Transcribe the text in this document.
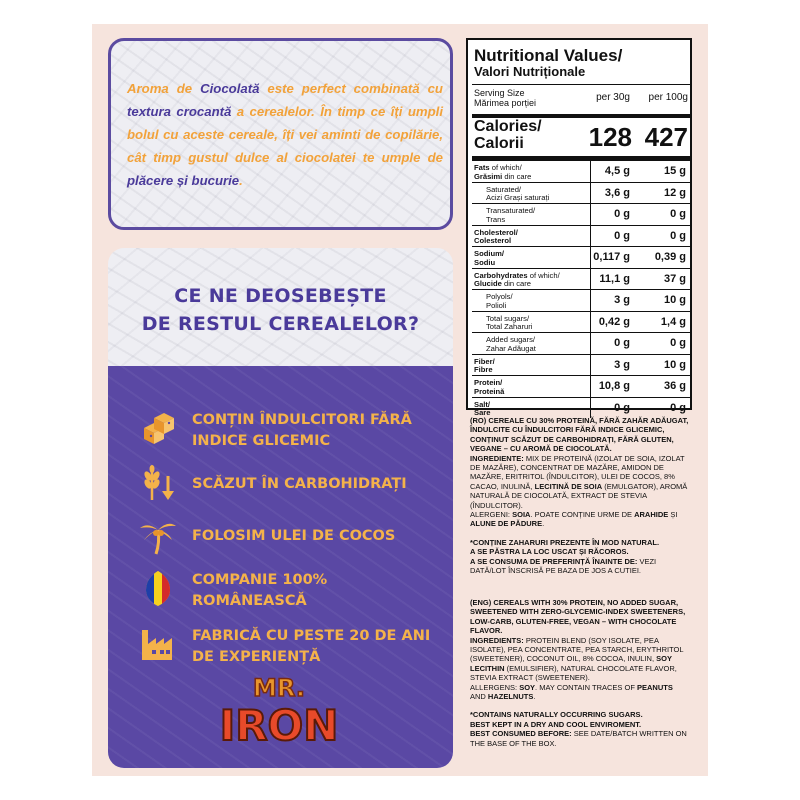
Aroma de Ciocolată este perfect combinată cu textura crocantă a cerealelor. În timp ce îți umpli bolul cu aceste cereale, îți vei aminti de copilărie, cât timp gustul dulce al ciocolatei te umple de plăcere și bucurie.

CE NE DEOSEBEȘTE
DE RESTUL CEREALELOR?
CONȚIN ÎNDULCITORI FĂRĂ INDICE GLICEMIC
SCĂZUT ÎN CARBOHIDRAȚI
FOLOSIM ULEI DE COCOS
COMPANIE 100% ROMÂNEASCĂ
FABRICĂ CU PESTE 20 DE ANI DE EXPERIENȚĂ
MR.
IRON
Nutritional Values/
Valori Nutriționale
Serving Size
Mărimea porției	per 30g per 100g
Calories/
Calorii	128 427
Fats of which/
Grăsimi din care	4,5 g	15 g
Saturated/
Acizi Grași saturați	3,6 g	12 g
Transaturated/
Trans	0 g	0 g
Cholesterol/
Colesterol	0 g	0 g
Sodium/
Sodiu	0,117 g 0,39 g
Carbohydrates of which/
Glucide din care	11,1 g	37 g
Polyols/
Polioli	3 g	10 g
Total sugars/
Total Zaharuri	0,42 g	1,4 g
Added sugars/
Zahar Adăugat	0 g	0 g
Fiber/
Fibre	3 g	10 g
Protein/
Proteină	10,8 g	36 g
Salt/
Sare	0 g	0 g
(RO) CEREALE CU 30% PROTEINĂ, FĂRĂ ZAHĂR ADĂUGAT, ÎNDULCITE CU ÎNDULCITORI FĂRĂ INDICE GLICEMIC, CONȚINUT SCĂZUT DE CARBOHIDRAȚI, FĂRĂ GLUTEN, VEGANE – CU AROMĂ DE CIOCOLATĂ.
INGREDIENTE: MIX DE PROTEINĂ (IZOLAT DE SOIA, IZOLAT DE MAZĂRE), CONCENTRAT DE MAZĂRE, AMIDON DE MAZĂRE, ERITRITOL (ÎNDULCITOR), ULEI DE COCOS, 8% CACAO, INULINĂ, LECITINĂ DE SOIA (EMULGATOR), AROMĂ NATURALĂ DE CIOCOLATĂ, EXTRACT DE STEVIA (ÎNDULCITOR).
ALERGENI: SOIA. POATE CONȚINE URME DE ARAHIDE ȘI ALUNE DE PĂDURE.
*CONȚINE ZAHARURI PREZENTE ÎN MOD NATURAL.
A SE PĂSTRA LA LOC USCAT ȘI RĂCOROS.
A SE CONSUMA DE PREFERINȚĂ ÎNAINTE DE: VEZI DATĂ/LOT ÎNSCRISĂ PE BAZA DE JOS A CUTIEI.
(ENG) CEREALS WITH 30% PROTEIN, NO ADDED SUGAR, SWEETENED WITH ZERO-GLYCEMIC-INDEX SWEETENERS, LOW-CARB, GLUTEN-FREE, VEGAN – WITH CHOCOLATE FLAVOR.
INGREDIENTS: PROTEIN BLEND (SOY ISOLATE, PEA ISOLATE), PEA CONCENTRATE, PEA STARCH, ERYTHRITOL (SWEETENER), COCONUT OIL, 8% COCOA, INULIN, SOY LECITHIN (EMULSIFIER), NATURAL CHOCOLATE FLAVOR, STEVIA EXTRACT (SWEETENER).
ALLERGENS: SOY. MAY CONTAIN TRACES OF PEANUTS AND HAZELNUTS.
*CONTAINS NATURALLY OCCURRING SUGARS.
BEST KEPT IN A DRY AND COOL ENVIROMENT.
BEST CONSUMED BEFORE: SEE DATE/BATCH WRITTEN ON THE BASE OF THE BOX.
